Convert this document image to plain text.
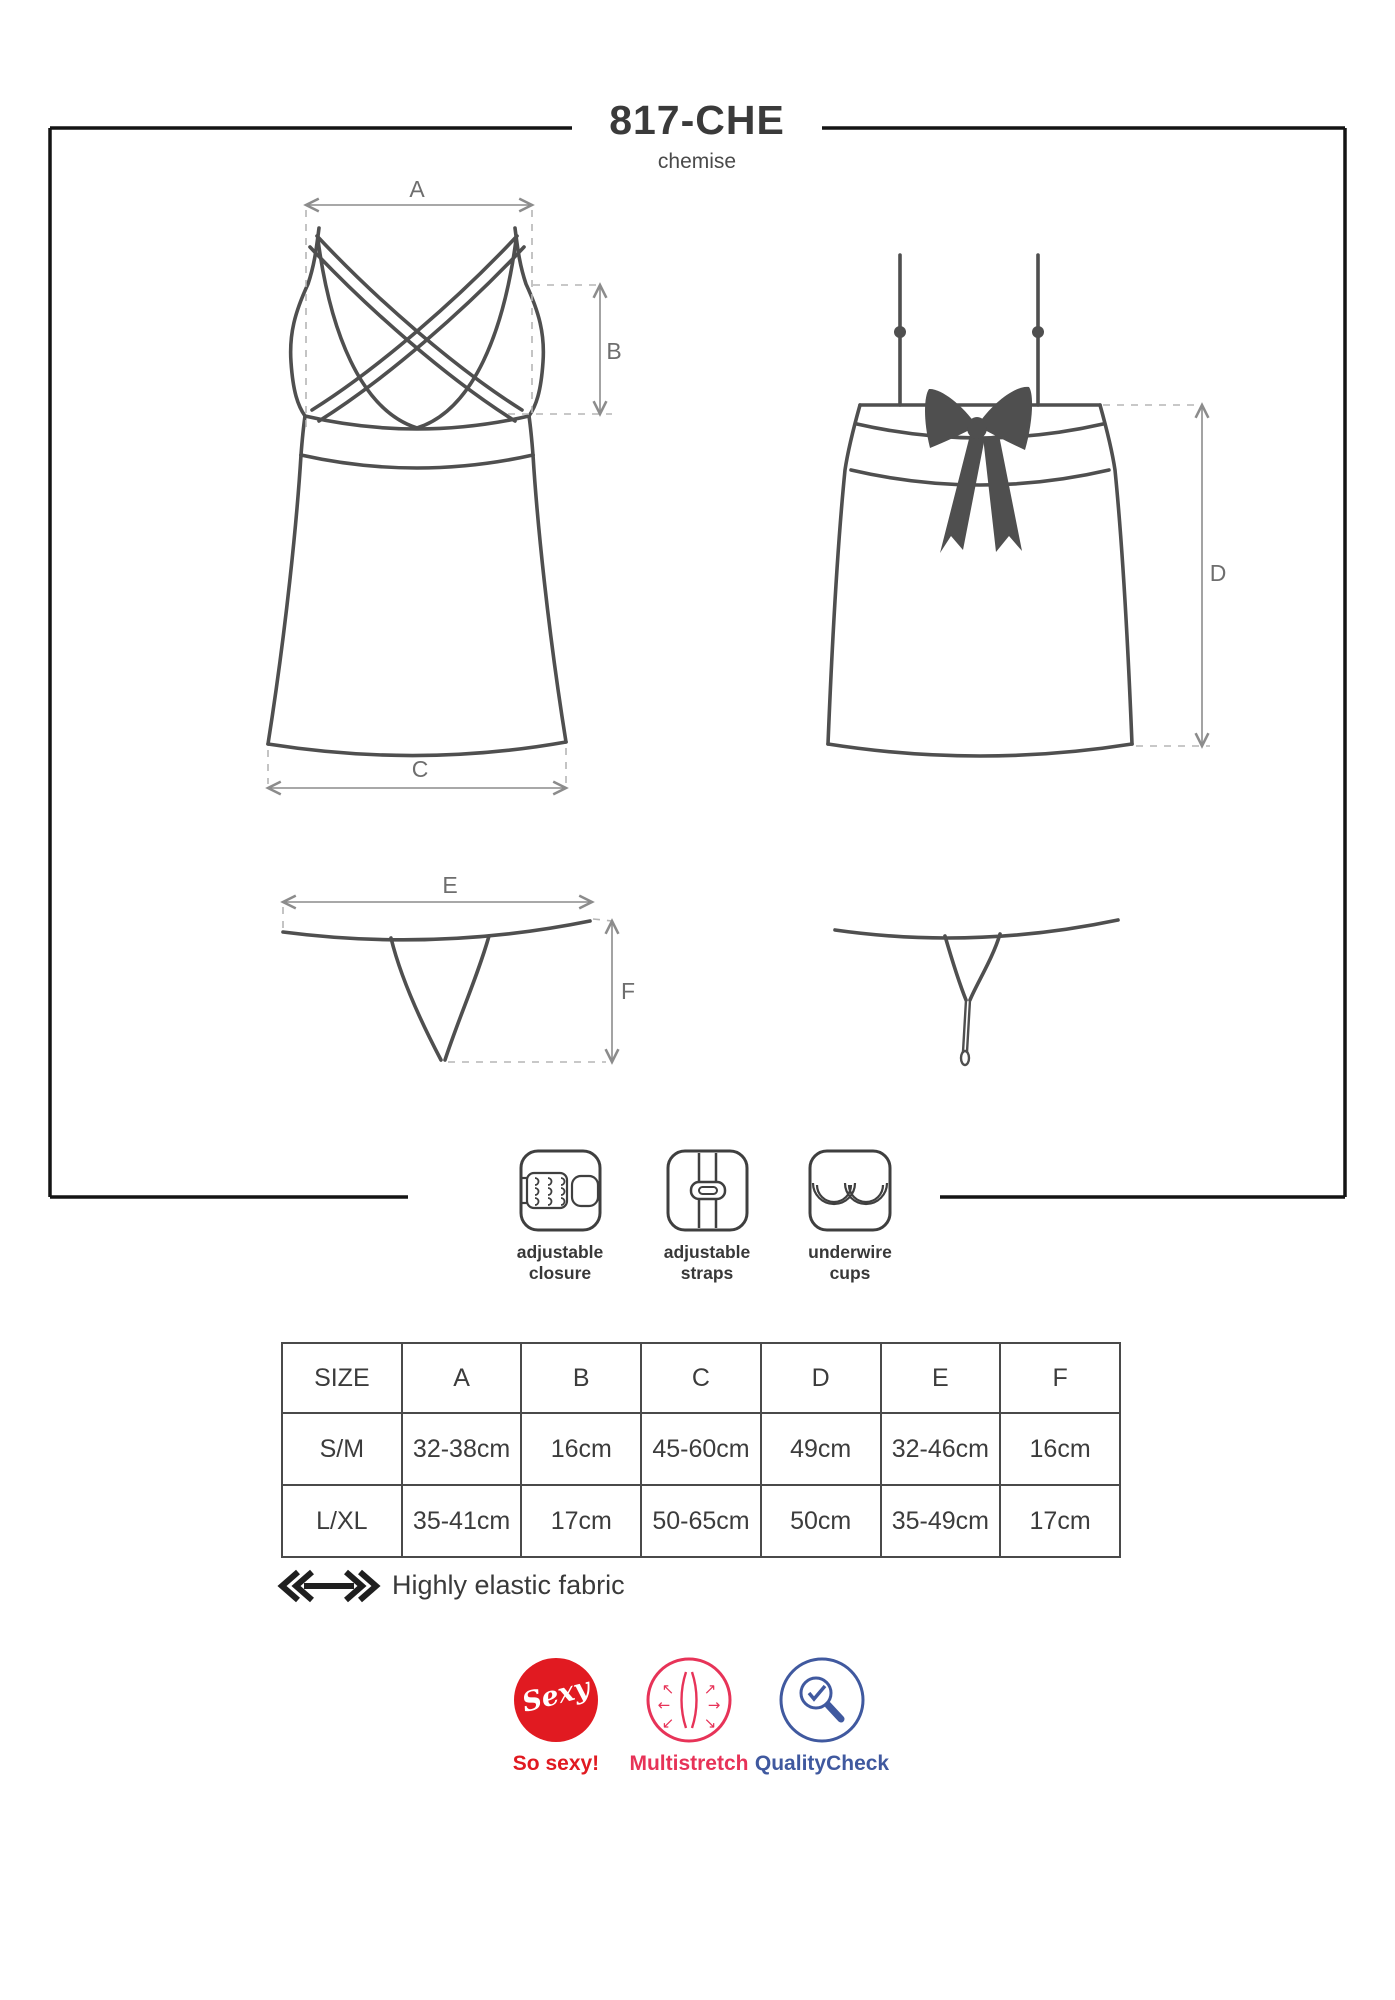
←
↖
↙
→
↗
↘
817-CHE
chemise
A
B
C
D
E
F
adjustable
closure
adjustable
straps
underwire
cups
SIZE	A	B	C	D	E	F
S/M	32-38cm	16cm	45-60cm	49cm	32-46cm	16cm
L/XL	35-41cm	17cm	50-65cm	50cm	35-49cm	17cm
Highly elastic fabric
Sexy
So sexy!	Multistretch QualityCheck
